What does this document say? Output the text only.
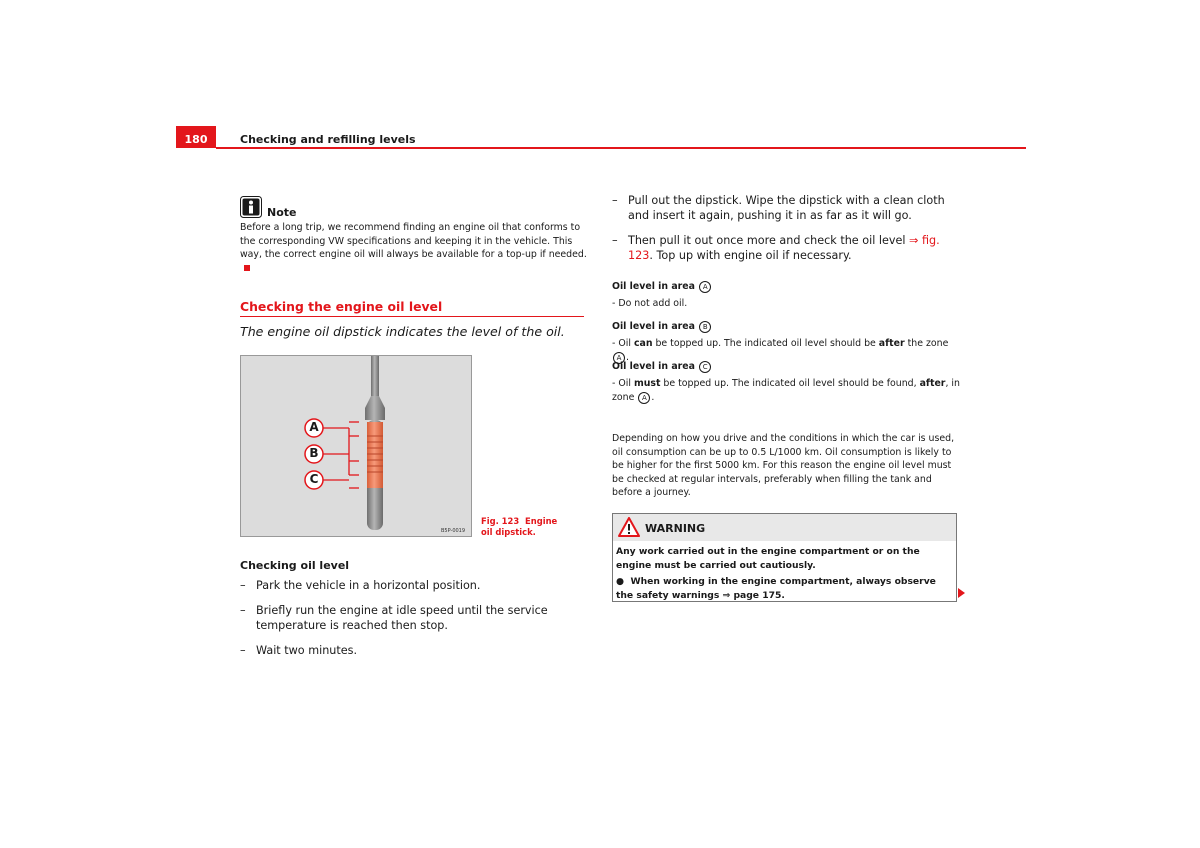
180	Checking and refilling levels
Note
Before a long trip, we recommend finding an engine oil that conforms to the corresponding VW specifications and keeping it in the vehicle. This way, the correct engine oil will always be available for a top-up if needed.
Checking the engine oil level
The engine oil dipstick indicates the level of the oil.
A
B
C
B5P-0019
Fig. 123 Engine oil dipstick.
Checking oil level
– Park the vehicle in a horizontal position.
– Briefly run the engine at idle speed until the service temperature is reached then stop.
– Wait two minutes.
– Pull out the dipstick. Wipe the dipstick with a clean cloth and insert it again, pushing it in as far as it will go.
– Then pull it out once more and check the oil level ⇒ fig. 123. Top up with engine oil if necessary.
Oil level in area A
- Do not add oil.
Oil level in area B
- Oil can be topped up. The indicated oil level should be after the zone A .
Oil level in area C
- Oil must be topped up. The indicated oil level should be found, after, in zone A .
Depending on how you drive and the conditions in which the car is used, oil consumption can be up to 0.5 L/1000 km. Oil consumption is likely to be higher for the first 5000 km. For this reason the engine oil level must be checked at regular intervals, preferably when filling the tank and before a journey.
WARNING
Any work carried out in the engine compartment or on the engine must be carried out cautiously.
● When working in the engine compartment, always observe the safety warnings ⇒ page 175.
